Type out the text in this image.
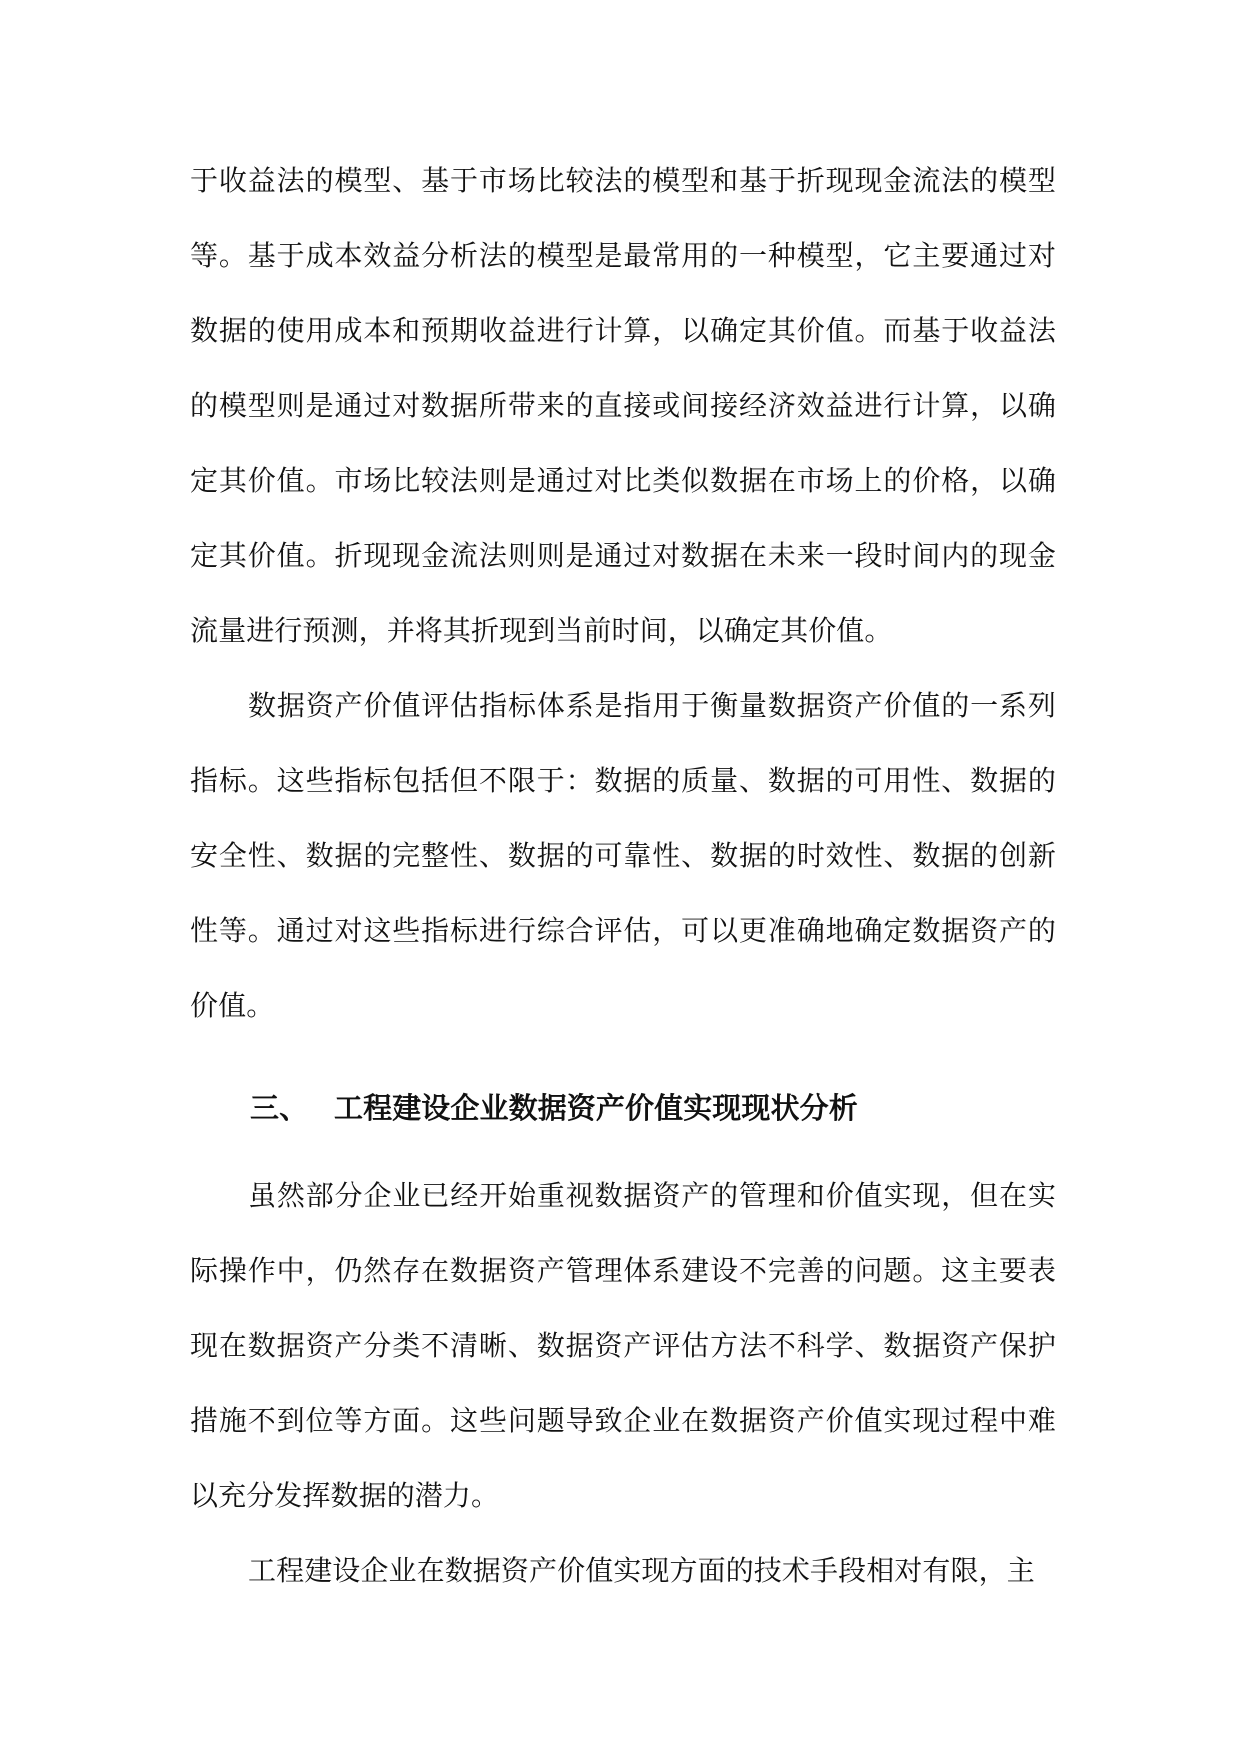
于收益法的模型、基于市场比较法的模型和基于折现现金流法的模型等。基于成本效益分析法的模型是最常用的一种模型，它主要通过对数据的使用成本和预期收益进行计算，以确定其价值。而基于收益法的模型则是通过对数据所带来的直接或间接经济效益进行计算，以确定其价值。市场比较法则是通过对比类似数据在市场上的价格，以确定其价值。折现现金流法则则是通过对数据在未来一段时间内的现金流量进行预测，并将其折现到当前时间，以确定其价值。

数据资产价值评估指标体系是指用于衡量数据资产价值的一系列指标。这些指标包括但不限于：数据的质量、数据的可用性、数据的安全性、数据的完整性、数据的可靠性、数据的时效性、数据的创新性等。通过对这些指标进行综合评估，可以更准确地确定数据资产的价值。

三、 工程建设企业数据资产价值实现现状分析

虽然部分企业已经开始重视数据资产的管理和价值实现，但在实际操作中，仍然存在数据资产管理体系建设不完善的问题。这主要表现在数据资产分类不清晰、数据资产评估方法不科学、数据资产保护措施不到位等方面。这些问题导致企业在数据资产价值实现过程中难以充分发挥数据的潜力。

工程建设企业在数据资产价值实现方面的技术手段相对有限，主
